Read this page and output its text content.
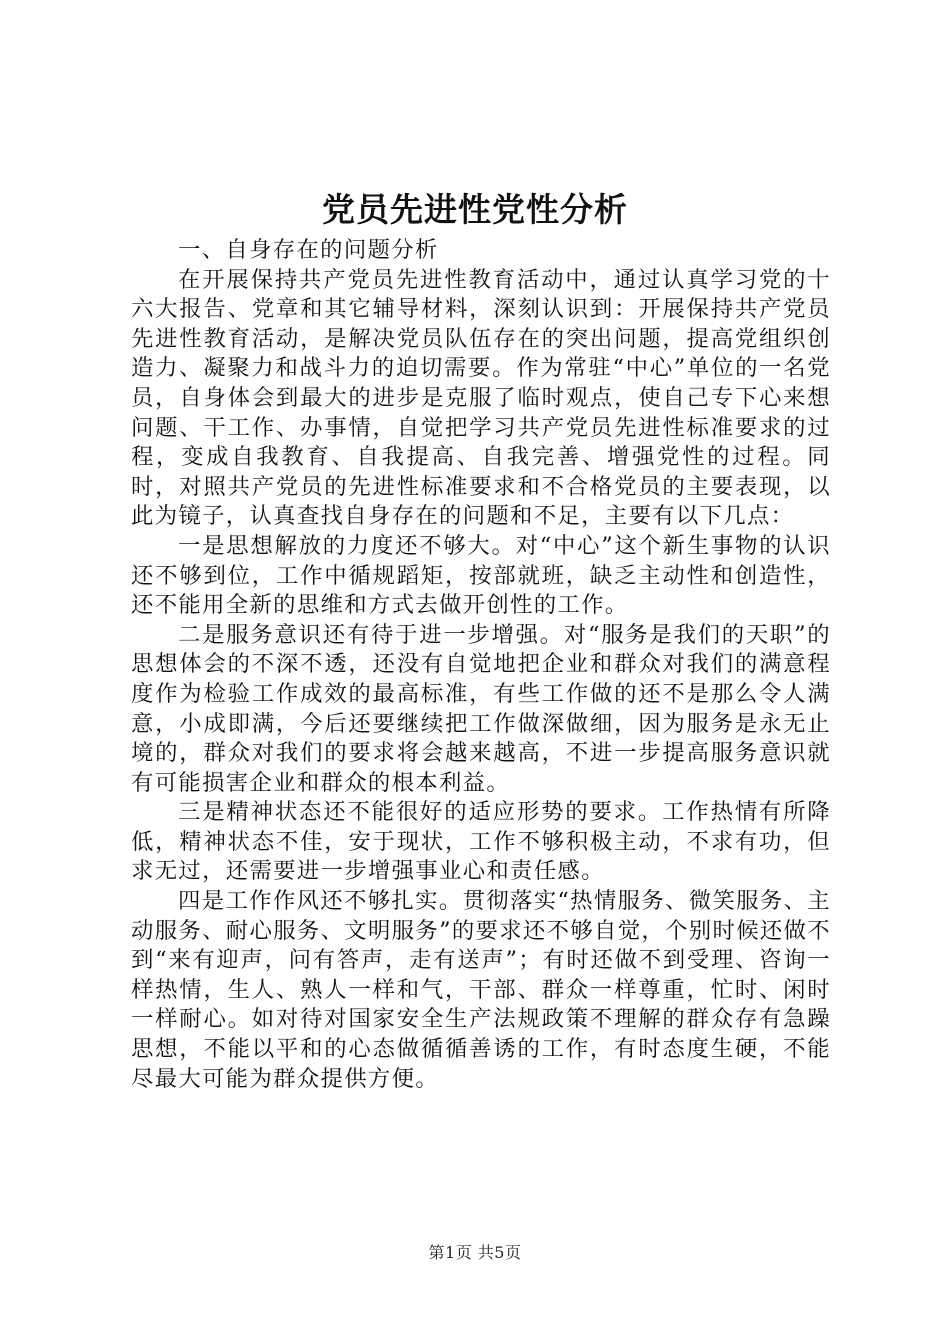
党员先进性党性分析

一、自身存在的问题分析

在开展保持共产党员先进性教育活动中，通过认真学习党的十六大报告、党章和其它辅导材料，深刻认识到：开展保持共产党员先进性教育活动，是解决党员队伍存在的突出问题，提高党组织创造力、凝聚力和战斗力的迫切需要。作为常驻“中心”单位的一名党员，自身体会到最大的进步是克服了临时观点，使自己专下心来想问题、干工作、办事情，自觉把学习共产党员先进性标准要求的过程，变成自我教育、自我提高、自我完善、增强党性的过程。同时，对照共产党员的先进性标准要求和不合格党员的主要表现，以此为镜子，认真查找自身存在的问题和不足，主要有以下几点：

一是思想解放的力度还不够大。对“中心”这个新生事物的认识还不够到位，工作中循规蹈矩，按部就班，缺乏主动性和创造性，还不能用全新的思维和方式去做开创性的工作。

二是服务意识还有待于进一步增强。对“服务是我们的天职”的思想体会的不深不透，还没有自觉地把企业和群众对我们的满意程度作为检验工作成效的最高标准，有些工作做的还不是那么令人满意，小成即满，今后还要继续把工作做深做细，因为服务是永无止境的，群众对我们的要求将会越来越高，不进一步提高服务意识就有可能损害企业和群众的根本利益。

三是精神状态还不能很好的适应形势的要求。工作热情有所降低，精神状态不佳，安于现状，工作不够积极主动，不求有功，但求无过，还需要进一步增强事业心和责任感。

四是工作作风还不够扎实。贯彻落实“热情服务、微笑服务、主动服务、耐心服务、文明服务”的要求还不够自觉，个别时候还做不到“来有迎声，问有答声，走有送声”；有时还做不到受理、咨询一样热情，生人、熟人一样和气，干部、群众一样尊重，忙时、闲时一样耐心。如对待对国家安全生产法规政策不理解的群众存有急躁思想，不能以平和的心态做循循善诱的工作，有时态度生硬，不能尽最大可能为群众提供方便。

第1页 共5页
